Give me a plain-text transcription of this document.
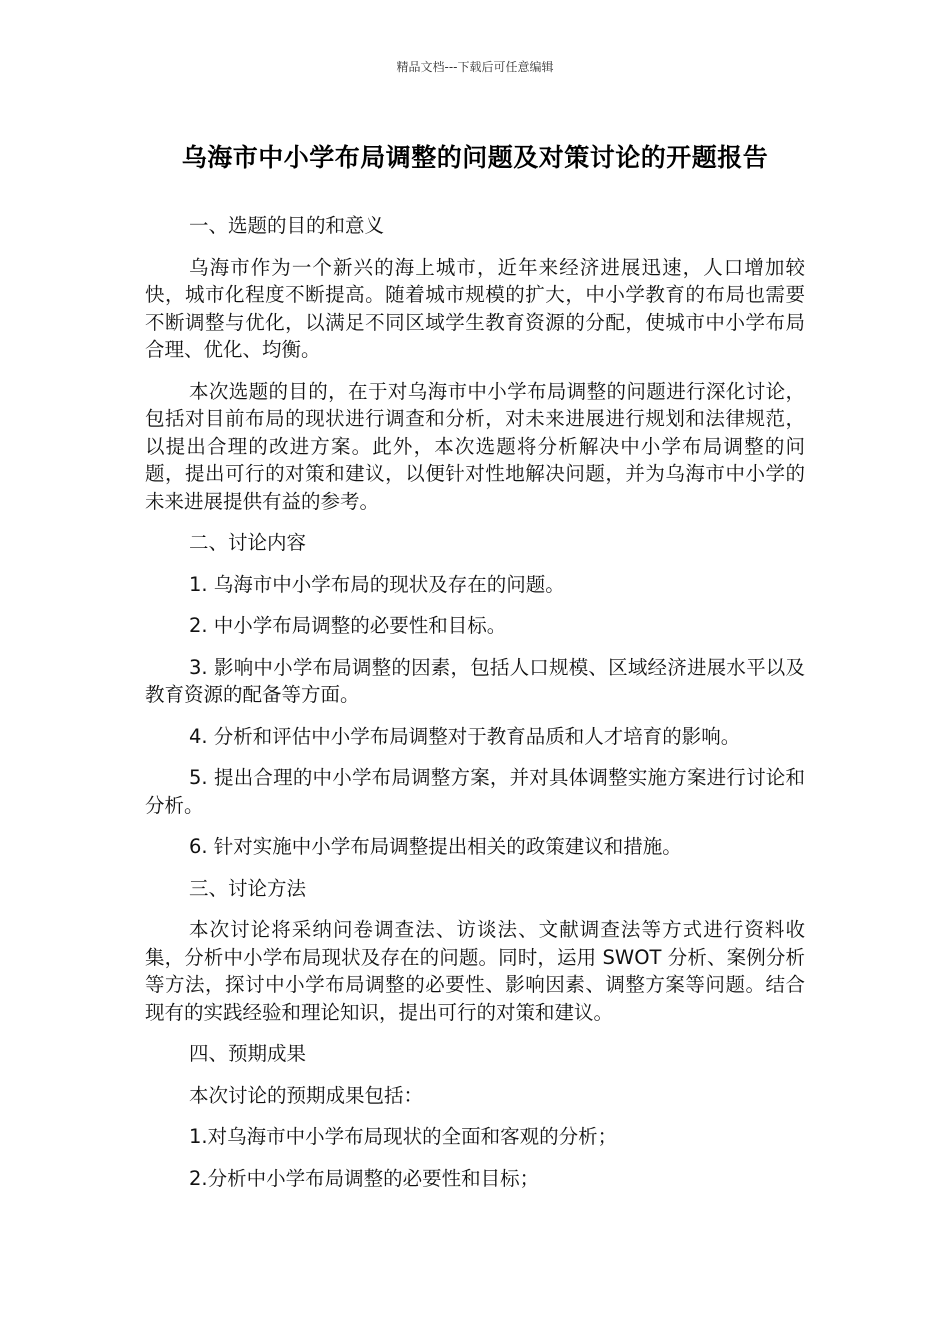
精品文档---下载后可任意编辑
乌海市中小学布局调整的问题及对策讨论的开题报告

一、选题的目的和意义

乌海市作为一个新兴的海上城市，近年来经济进展迅速，人口增加较快，城市化程度不断提高。随着城市规模的扩大，中小学教育的布局也需要不断调整与优化，以满足不同区域学生教育资源的分配，使城市中小学布局合理、优化、均衡。

本次选题的目的，在于对乌海市中小学布局调整的问题进行深化讨论，包括对目前布局的现状进行调查和分析，对未来进展进行规划和法律规范，以提出合理的改进方案。此外，本次选题将分析解决中小学布局调整的问题，提出可行的对策和建议，以便针对性地解决问题，并为乌海市中小学的未来进展提供有益的参考。

二、讨论内容

1. 乌海市中小学布局的现状及存在的问题。

2. 中小学布局调整的必要性和目标。

3. 影响中小学布局调整的因素，包括人口规模、区域经济进展水平以及教育资源的配备等方面。

4. 分析和评估中小学布局调整对于教育品质和人才培育的影响。

5. 提出合理的中小学布局调整方案，并对具体调整实施方案进行讨论和分析。

6. 针对实施中小学布局调整提出相关的政策建议和措施。

三、讨论方法

本次讨论将采纳问卷调查法、访谈法、文献调查法等方式进行资料收集，分析中小学布局现状及存在的问题。同时，运用 SWOT 分析、案例分析等方法，探讨中小学布局调整的必要性、影响因素、调整方案等问题。结合现有的实践经验和理论知识，提出可行的对策和建议。

四、预期成果

本次讨论的预期成果包括：

1.对乌海市中小学布局现状的全面和客观的分析；

2.分析中小学布局调整的必要性和目标；
